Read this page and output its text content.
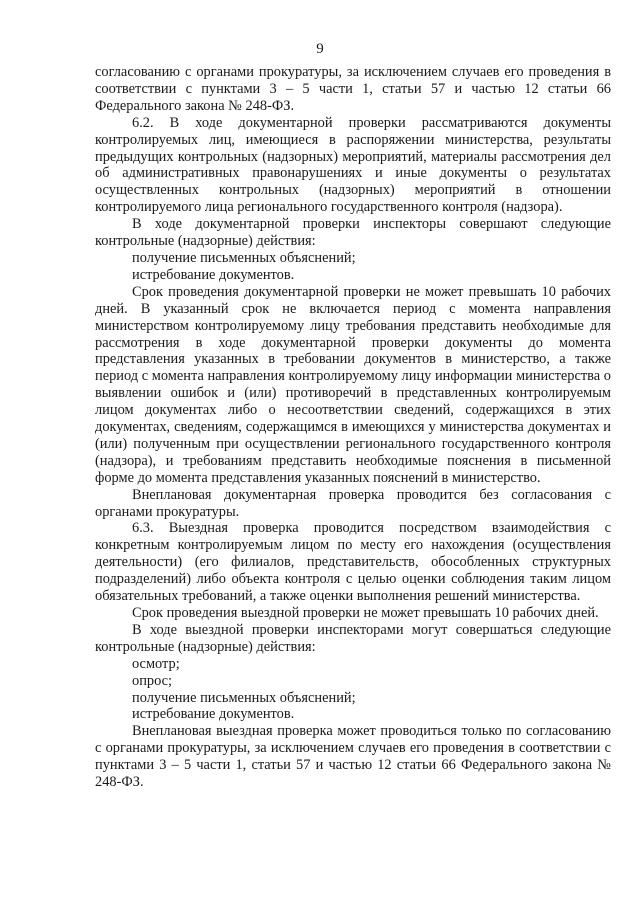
9

согласованию с органами прокуратуры, за исключением случаев его проведения в соответствии с пунктами 3 – 5 части 1, статьи 57 и частью 12 статьи 66 Федерального закона № 248-ФЗ.

6.2. В ходе документарной проверки рассматриваются документы контролируемых лиц, имеющиеся в распоряжении министерства, результаты предыдущих контрольных (надзорных) мероприятий, материалы рассмотрения дел об административных правонарушениях и иные документы о результатах осуществленных контрольных (надзорных) мероприятий в отношении контролируемого лица регионального государственного контроля (надзора).

В ходе документарной проверки инспекторы совершают следующие контрольные (надзорные) действия:

получение письменных объяснений;

истребование документов.

Срок проведения документарной проверки не может превышать 10 рабочих дней. В указанный срок не включается период с момента направления министерством контролируемому лицу требования представить необходимые для рассмотрения в ходе документарной проверки документы до момента представления указанных в требовании документов в министерство, а также период с момента направления контролируемому лицу информации министерства о выявлении ошибок и (или) противоречий в представленных контролируемым лицом документах либо о несоответствии сведений, содержащихся в этих документах, сведениям, содержащимся в имеющихся у министерства документах и (или) полученным при осуществлении регионального государственного контроля (надзора), и требованиям представить необходимые пояснения в письменной форме до момента представления указанных пояснений в министерство.

Внеплановая документарная проверка проводится без согласования с органами прокуратуры.

6.3. Выездная проверка проводится посредством взаимодействия с конкретным контролируемым лицом по месту его нахождения (осуществления деятельности) (его филиалов, представительств, обособленных структурных подразделений) либо объекта контроля с целью оценки соблюдения таким лицом обязательных требований, а также оценки выполнения решений министерства.

Срок проведения выездной проверки не может превышать 10 рабочих дней.

В ходе выездной проверки инспекторами могут совершаться следующие контрольные (надзорные) действия:

осмотр;

опрос;

получение письменных объяснений;

истребование документов.

Внеплановая выездная проверка может проводиться только по согласованию с органами прокуратуры, за исключением случаев его проведения в соответствии с пунктами 3 – 5 части 1, статьи 57 и частью 12 статьи 66 Федерального закона № 248-ФЗ.
